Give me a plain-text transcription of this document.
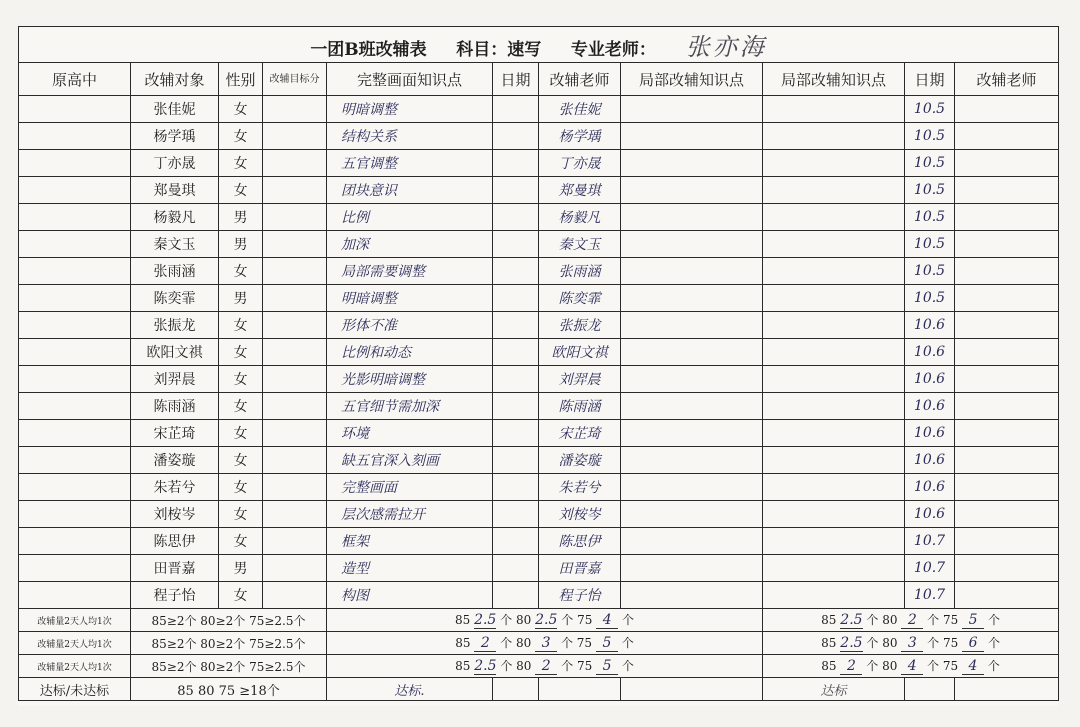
一团B班改辅表 科目：速写 专业老师： 张亦海										
原高中	改辅对象	性别	改辅目标分	完整画面知识点	日期	改辅老师	局部改辅知识点	局部改辅知识点	日期	改辅老师
	张佳妮	女		明暗调整		张佳妮			10.5	
	杨学瑀	女		结构关系		杨学瑀			10.5	
	丁亦晟	女		五官调整		丁亦晟			10.5	
	郑曼琪	女		团块意识		郑曼琪			10.5	
	杨毅凡	男		比例		杨毅凡			10.5	
	秦文玉	男		加深		秦文玉			10.5	
	张雨涵	女		局部需要调整		张雨涵			10.5	
	陈奕霏	男		明暗调整		陈奕霏			10.5	
	张振龙	女		形体不准		张振龙			10.6	
	欧阳文祺	女		比例和动态		欧阳文祺			10.6	
	刘羿晨	女		光影明暗调整		刘羿晨			10.6	
	陈雨涵	女		五官细节需加深		陈雨涵			10.6	
	宋芷琦	女		环境		宋芷琦			10.6	
	潘姿璇	女		缺五官深入刻画		潘姿璇			10.6	
	朱若兮	女		完整画面		朱若兮			10.6	
	刘桉岑	女		层次感需拉开		刘桉岑			10.6	
	陈思伊	女		框架		陈思伊			10.7	
	田晋嘉	男		造型		田晋嘉			10.7	
	程子怡	女		构图		程子怡			10.7	
改辅量2天人均1次	85≥2个 80≥2个 75≥2.5个			85 2.5 个 80 2.5 个 75 4 个				85 2.5 个 80 2 个 75 5 个		
改辅量2天人均1次	85≥2个 80≥2个 75≥2.5个			85 2 个 80 3 个 75 5 个				85 2.5 个 80 3 个 75 6 个		
改辅量2天人均1次	85≥2个 80≥2个 75≥2.5个			85 2.5 个 80 2 个 75 5 个				85 2 个 80 4 个 75 4 个		
达标/未达标	85 80 75 ≥18个			达标.				达标		
